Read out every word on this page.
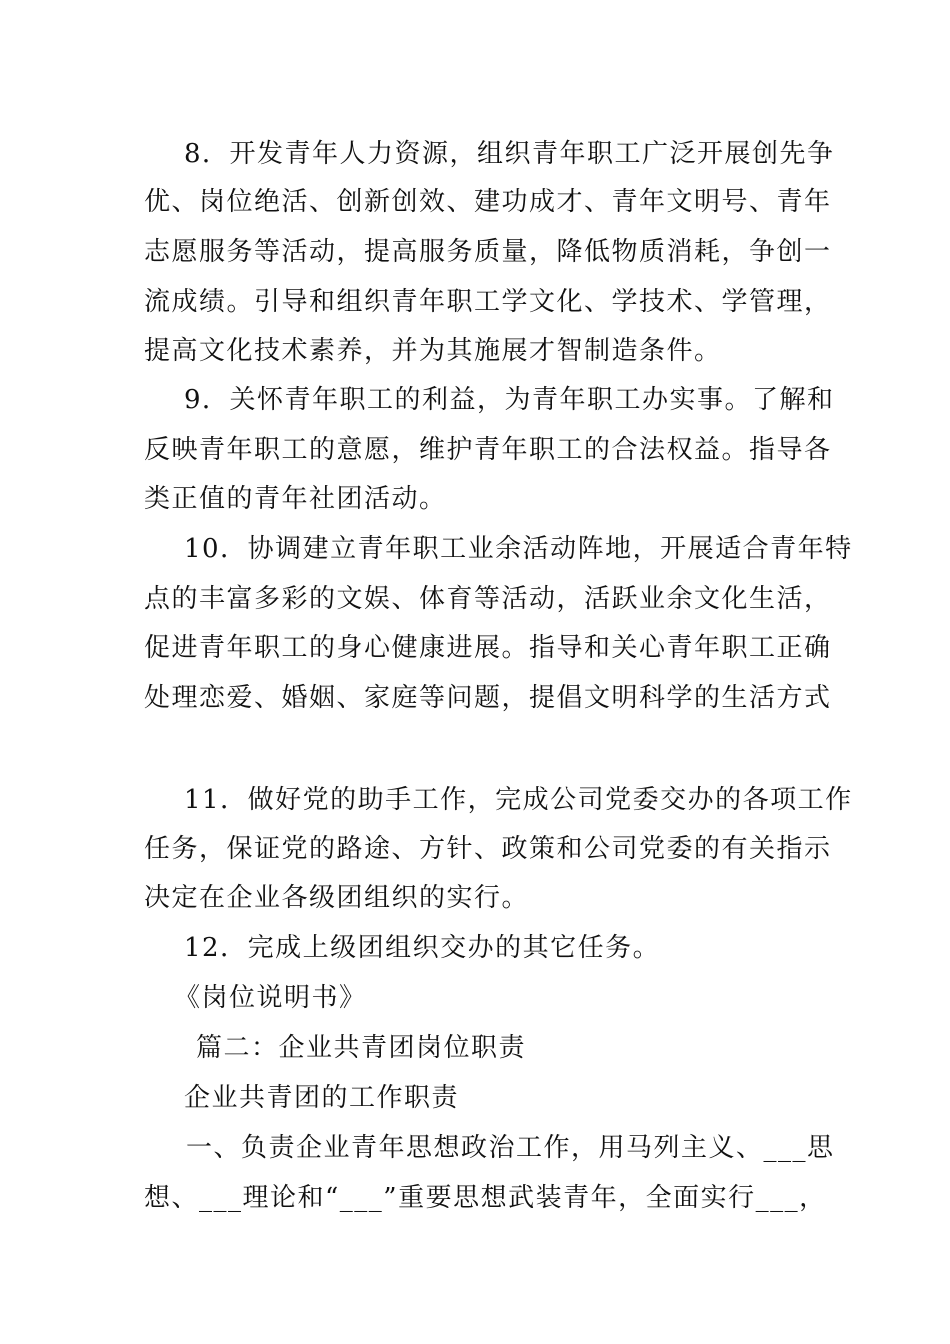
8．开发青年人力资源，组织青年职工广泛开展创先争
优、岗位绝活、创新创效、建功成才、青年文明号、青年
志愿服务等活动，提高服务质量，降低物质消耗，争创一
流成绩。引导和组织青年职工学文化、学技术、学管理，
提高文化技术素养，并为其施展才智制造条件。
9．关怀青年职工的利益，为青年职工办实事。了解和
反映青年职工的意愿，维护青年职工的合法权益。指导各
类正值的青年社团活动。
10．协调建立青年职工业余活动阵地，开展适合青年特
点的丰富多彩的文娱、体育等活动，活跃业余文化生活，
促进青年职工的身心健康进展。指导和关心青年职工正确
处理恋爱、婚姻、家庭等问题，提倡文明科学的生活方式
11．做好党的助手工作，完成公司党委交办的各项工作
任务，保证党的路途、方针、政策和公司党委的有关指示
决定在企业各级团组织的实行。
12．完成上级团组织交办的其它任务。
《岗位说明书》
篇二：企业共青团岗位职责
企业共青团的工作职责
一、负责企业青年思想政治工作，用马列主义、___思
想、___理论和“___”重要思想武装青年，全面实行___，
